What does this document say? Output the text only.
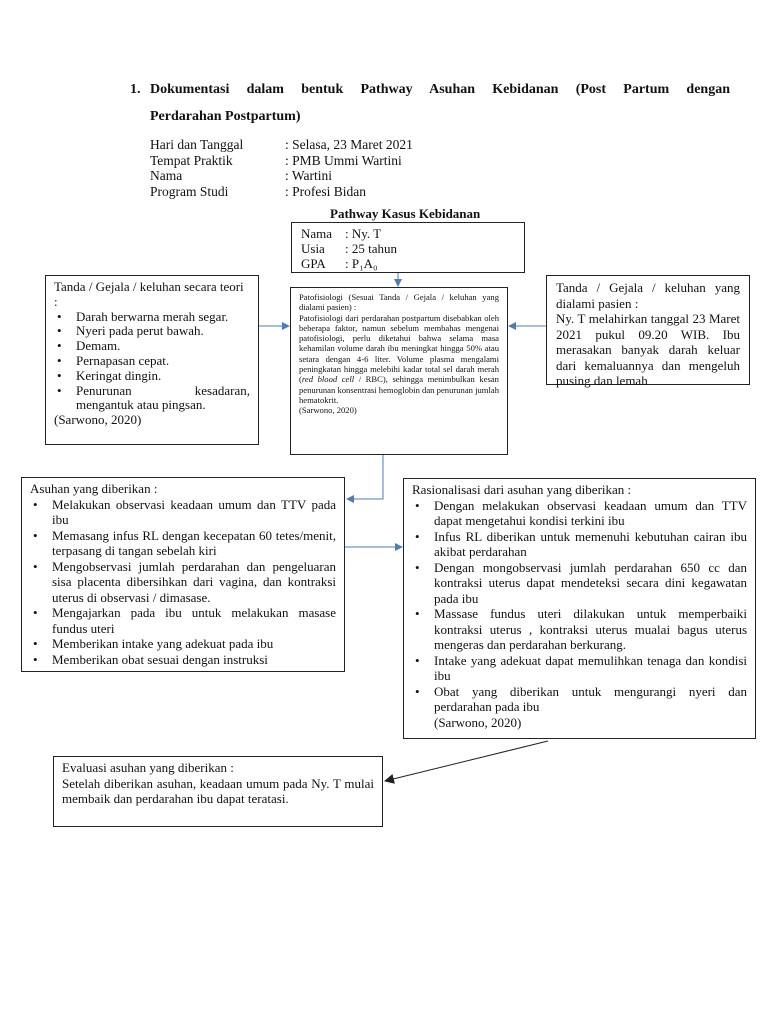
1. Dokumentasi dalam bentuk Pathway Asuhan Kebidanan (Post Partum dengan
Perdarahan Postpartum)
Hari dan Tanggal	: Selasa, 23 Maret 2021
Tempat Praktik	: PMB Ummi Wartini
Nama	: Wartini
Program Studi	: Profesi Bidan
Pathway Kasus Kebidanan
Nama : Ny. T
Usia	: 25 tahun
GPA	: P₁A₀
Tanda / Gejala / keluhan secara teori :
• Darah berwarna merah segar.
• Nyeri pada perut bawah.
• Demam.
• Pernapasan cepat.
• Keringat dingin.
• Penurunan kesadaran, mengantuk atau pingsan.
(Sarwono, 2020)

Patofisiologi (Sesuai Tanda / Gejala / keluhan yang dialami pasien) :

Patofisiologi dari perdarahan postpartum disebabkan oleh beberapa faktor, namun sebelum membahas mengenai patofisiologi, perlu diketahui bahwa selama masa kehamilan volume darah ibu meningkat hingga 50% atau setara dengan 4-6 liter. Volume plasma mengalami peningkatan hingga melebihi kadar total sel darah merah (red blood cell / RBC), sehingga menimbulkan kesan penurunan konsentrasi hemoglobin dan penurunan jumlah hematokrit.

(Sarwono, 2020)

Tanda / Gejala / keluhan yang dialami pasien :

Ny. T melahirkan tanggal 23 Maret 2021 pukul 09.20 WIB. Ibu merasakan banyak darah keluar dari kemaluannya dan mengeluh pusing dan lemah

Asuhan yang diberikan :
• Melakukan observasi keadaan umum dan TTV pada ibu
• Memasang infus RL dengan kecepatan 60 tetes/menit, terpasang di tangan sebelah kiri
• Mengobservasi jumlah perdarahan dan pengeluaran sisa placenta dibersihkan dari vagina, dan kontraksi uterus di observasi / dimasase.
• Mengajarkan pada ibu untuk melakukan masase fundus uteri
• Memberikan intake yang adekuat pada ibu
• Memberikan obat sesuai dengan instruksi
Rasionalisasi dari asuhan yang diberikan :
• Dengan melakukan observasi keadaan umum dan TTV dapat mengetahui kondisi terkini ibu
• Infus RL diberikan untuk memenuhi kebutuhan cairan ibu akibat perdarahan
• Dengan mongobservasi jumlah perdarahan 650 cc dan kontraksi uterus dapat mendeteksi secara dini kegawatan pada ibu
• Massase fundus uteri dilakukan untuk memperbaiki kontraksi uterus , kontraksi uterus mualai bagus uterus mengeras dan perdarahan berkurang.
• Intake yang adekuat dapat memulihkan tenaga dan kondisi ibu
• Obat yang diberikan untuk mengurangi nyeri dan perdarahan pada ibu
(Sarwono, 2020)

Evaluasi asuhan yang diberikan :

Setelah diberikan asuhan, keadaan umum pada Ny. T mulai membaik dan perdarahan ibu dapat teratasi.
